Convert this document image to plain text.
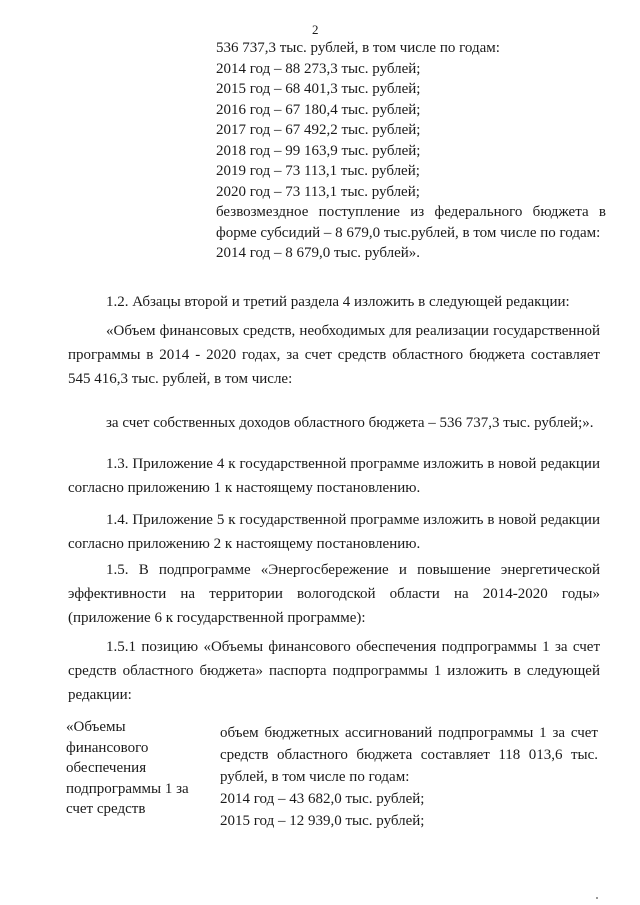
2
536 737,3 тыс. рублей, в том числе по годам:
2014 год – 88 273,3 тыс. рублей;
2015 год – 68 401,3 тыс. рублей;
2016 год – 67 180,4 тыс. рублей;
2017 год – 67 492,2 тыс. рублей;
2018 год – 99 163,9 тыс. рублей;
2019 год – 73 113,1 тыс. рублей;
2020 год – 73 113,1 тыс. рублей;
безвозмездное поступление из федерального бюджета в форме субсидий – 8 679,0 тыс.рублей, в том числе по годам:
2014 год – 8 679,0 тыс. рублей».
1.2. Абзацы второй и третий раздела 4 изложить в следующей редакции:
«Объем финансовых средств, необходимых для реализации государственной программы в 2014 - 2020 годах, за счет средств областного бюджета составляет 545 416,3 тыс. рублей, в том числе:
за счет собственных доходов областного бюджета – 536 737,3 тыс. рублей;».
1.3. Приложение 4 к государственной программе изложить в новой редакции согласно приложению 1 к настоящему постановлению.
1.4. Приложение 5 к государственной программе изложить в новой редакции согласно приложению 2 к настоящему постановлению.
1.5. В подпрограмме «Энергосбережение и повышение энергетической эффективности на территории вологодской области на 2014-2020 годы» (приложение 6 к государственной программе):
1.5.1 позицию «Объемы финансового обеспечения подпрограммы 1 за счет средств областного бюджета» паспорта подпрограммы 1 изложить в следующей редакции:
«Объемы
финансового
обеспечения
подпрограммы 1 за
счет средств
объем бюджетных ассигнований подпрограммы 1 за счет средств областного бюджета составляет 118 013,6 тыс. рублей, в том числе по годам:
2014 год – 43 682,0 тыс. рублей;
2015 год – 12 939,0 тыс. рублей;
